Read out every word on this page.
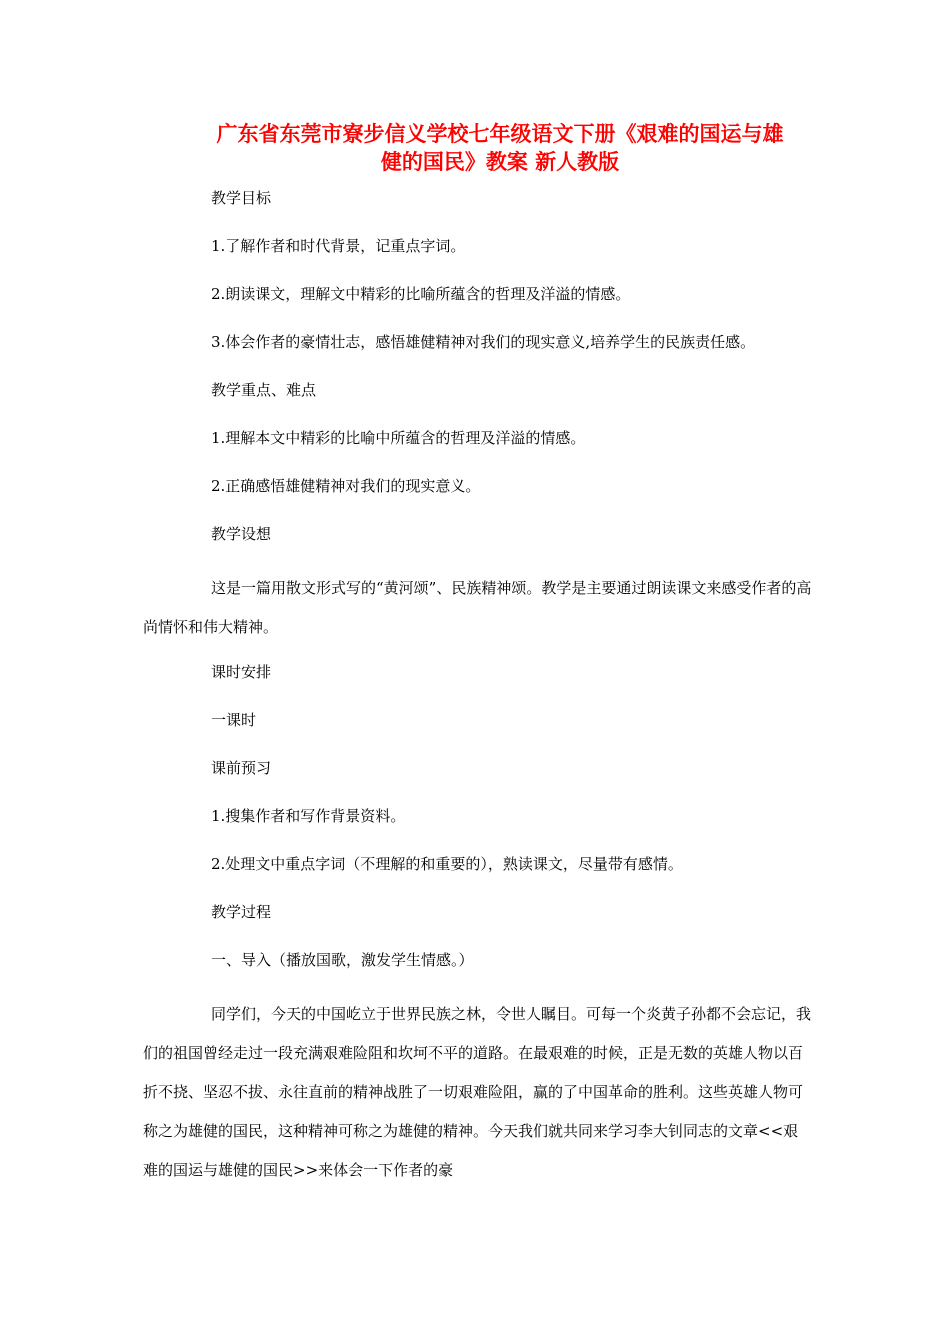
广东省东莞市寮步信义学校七年级语文下册《艰难的国运与雄
健的国民》教案 新人教版

教学目标

1.了解作者和时代背景，记重点字词。

2.朗读课文，理解文中精彩的比喻所蕴含的哲理及洋溢的情感。

3.体会作者的豪情壮志，感悟雄健精神对我们的现实意义,培养学生的民族责任感。

教学重点、难点

1.理解本文中精彩的比喻中所蕴含的哲理及洋溢的情感。

2.正确感悟雄健精神对我们的现实意义。

教学设想

这是一篇用散文形式写的“黄河颂”、民族精神颂。教学是主要通过朗读课文来感受作者的高尚情怀和伟大精神。

课时安排

一课时

课前预习

1.搜集作者和写作背景资料。

2.处理文中重点字词（不理解的和重要的），熟读课文，尽量带有感情。

教学过程

一、导入（播放国歌，激发学生情感。）

同学们，今天的中国屹立于世界民族之林，令世人瞩目。可每一个炎黄子孙都不会忘记，我们的祖国曾经走过一段充满艰难险阻和坎坷不平的道路。在最艰难的时候，正是无数的英雄人物以百折不挠、坚忍不拔、永往直前的精神战胜了一切艰难险阻，赢的了中国革命的胜利。这些英雄人物可称之为雄健的国民，这种精神可称之为雄健的精神。今天我们就共同来学习李大钊同志的文章<<艰难的国运与雄健的国民>>来体会一下作者的豪
